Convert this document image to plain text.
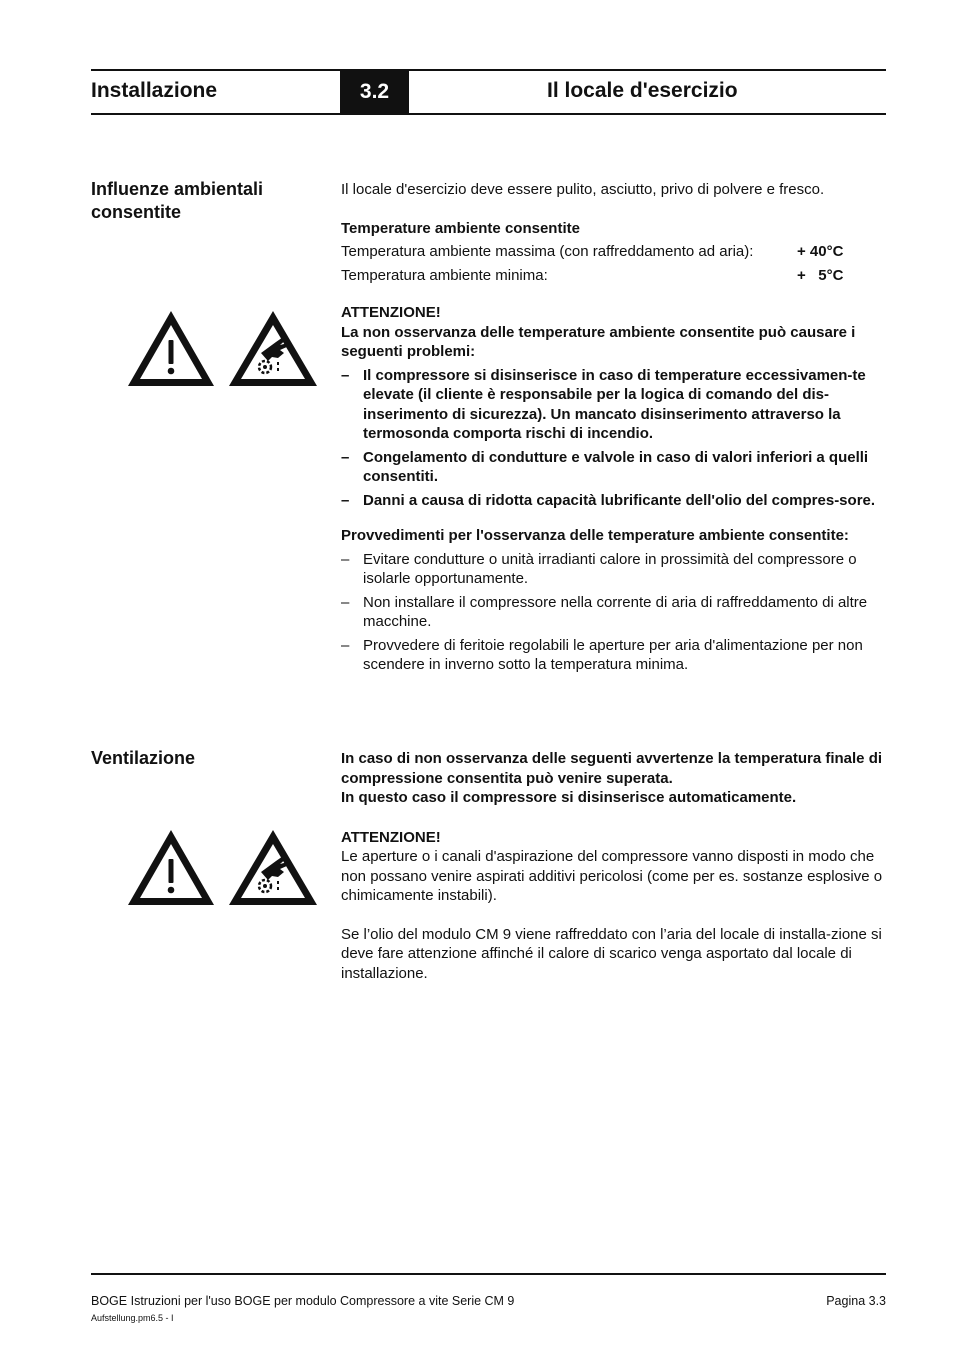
Installazione	3.2	Il locale d'esercizio
Influenze ambientali consentite

Il locale d'esercizio deve essere pulito, asciutto, privo di polvere e fresco.

Temperature ambiente consentite

Temperatura ambiente massima (con raffreddamento ad aria):	+ 40°C
Temperatura ambiente minima:	+   5°C

ATTENZIONE!

La non osservanza delle temperature ambiente consentite può causare i seguenti problemi:

– Il compressore si disinserisce in caso di temperature eccessivamen-te elevate (il cliente è responsabile per la logica di comando del dis-inserimento di sicurezza). Un mancato disinserimento attraverso la termosonda comporta rischi di incendio.
– Congelamento di condutture e valvole in caso di valori inferiori a quelli consentiti.
– Danni a causa di ridotta capacità lubrificante dell'olio del compres-sore.

Provvedimenti per l'osservanza delle temperature ambiente consentite:

– Evitare condutture o unità irradianti calore in prossimità del compressore o isolarle opportunamente.
– Non installare il compressore nella corrente di aria di raffreddamento di altre macchine.
– Provvedere di feritoie regolabili le aperture per aria d'alimentazione per non scendere in inverno sotto la temperatura minima.
Ventilazione	In caso di non osservanza delle seguenti avvertenze la temperatura finale di compressione consentita può venire superata.

In questo caso il compressore si disinserisce automaticamente.

ATTENZIONE!

Le aperture o i canali d'aspirazione del compressore vanno disposti in modo che non possano venire aspirati additivi pericolosi (come per es. sostanze esplosive o chimicamente instabili).

Se l’olio del modulo CM 9 viene raffreddato con l’aria del locale di installa-zione si deve fare attenzione affinché il calore di scarico venga asportato dal locale di installazione.

BOGE Istruzioni per l'uso BOGE per modulo Compressore a vite Serie CM 9	Pagina 3.3
Aufstellung.pm6.5 - I
